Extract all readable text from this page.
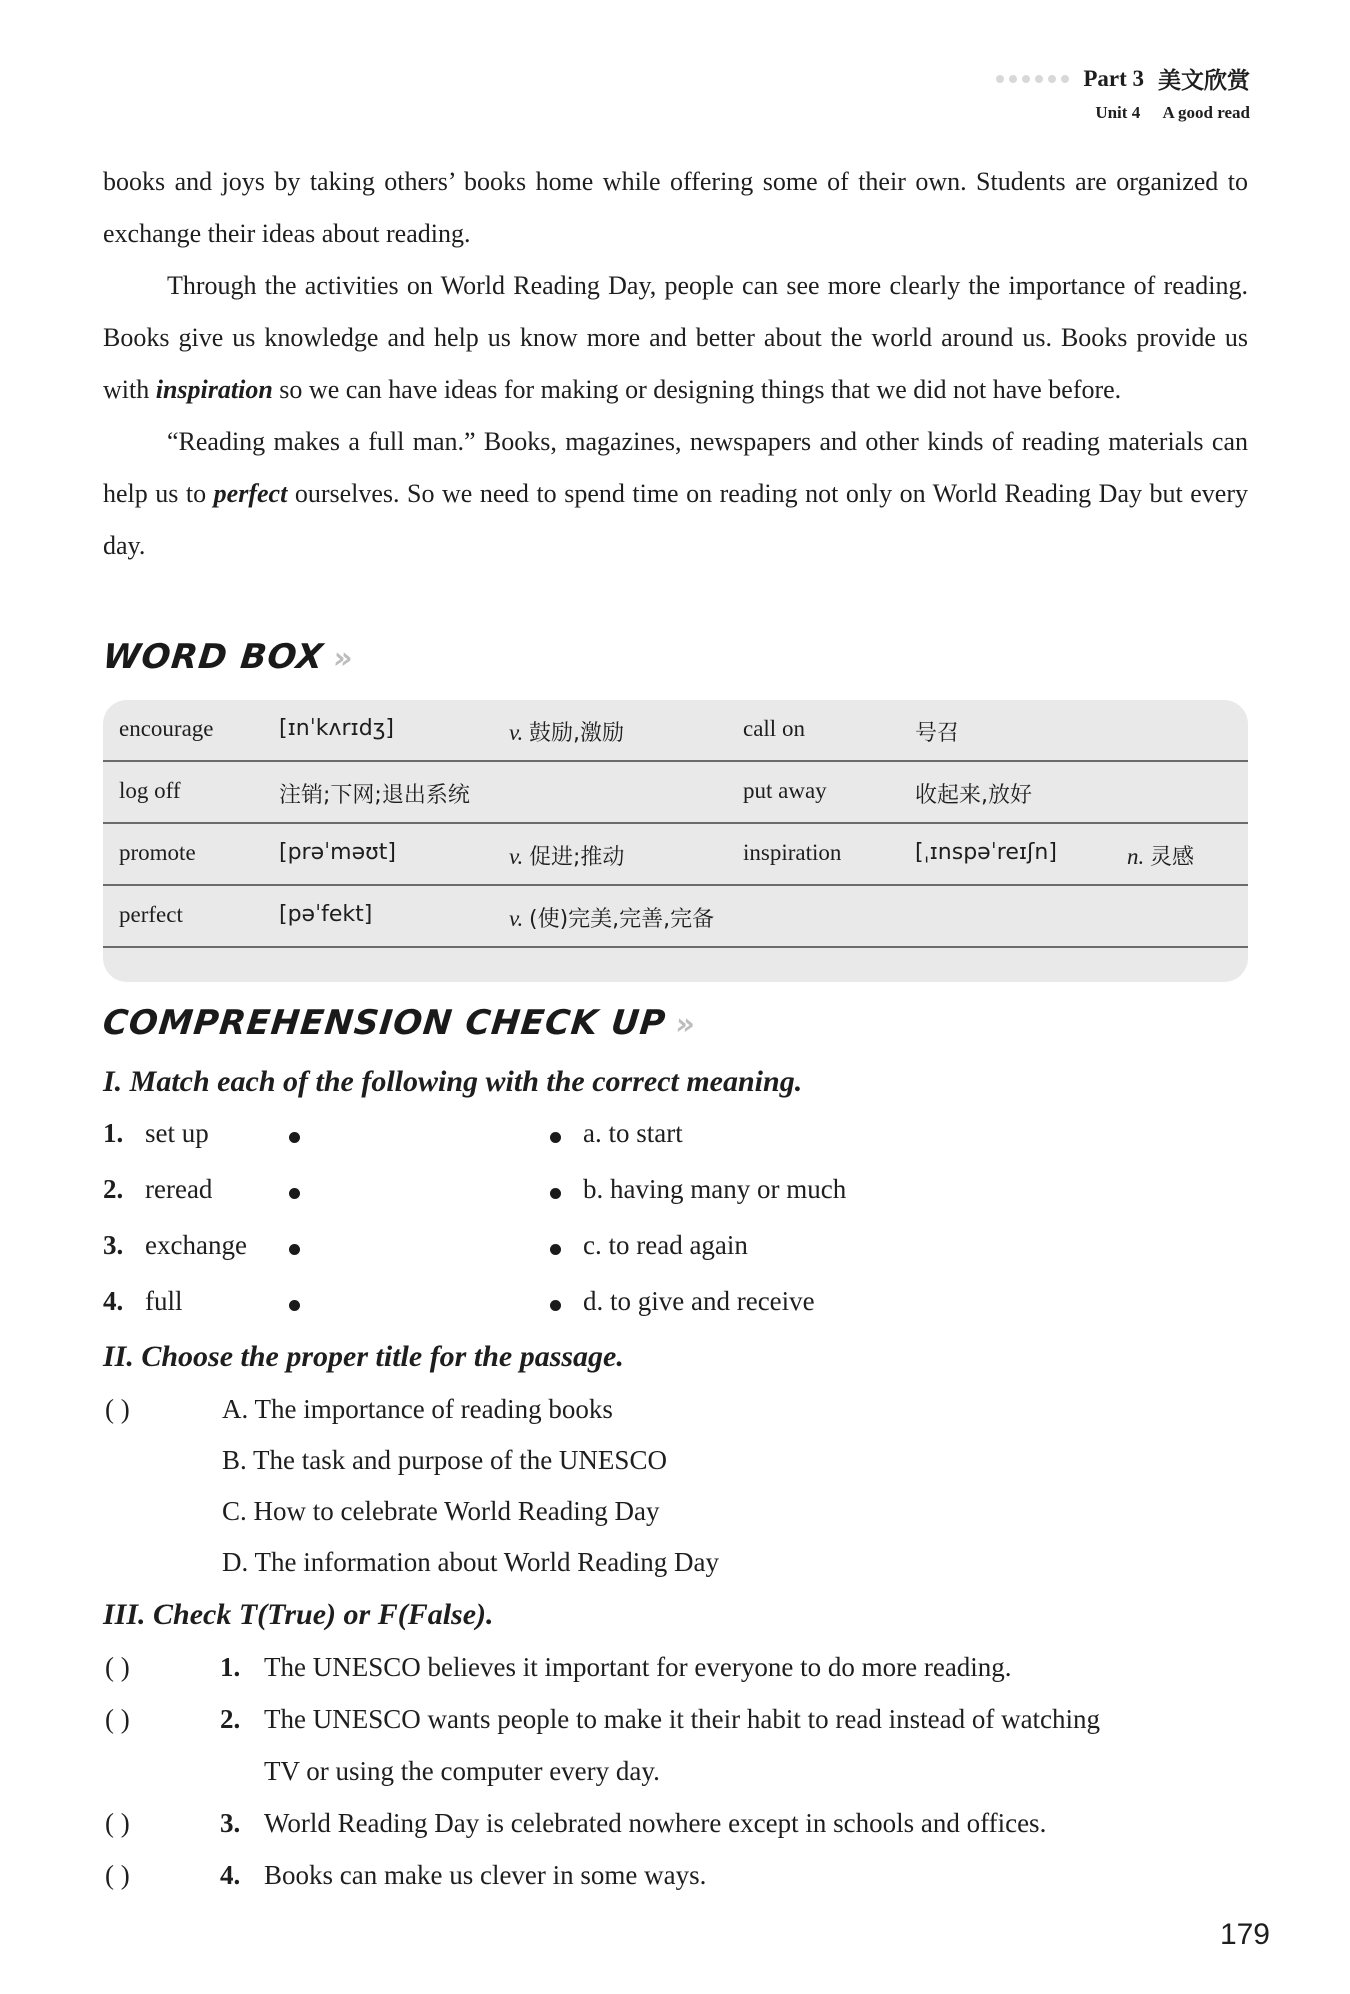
Part 3 美文欣赏
Unit 4 A good read

books and joys by taking others’ books home while offering some of their own. Students are organized to exchange their ideas about reading.

Through the activities on World Reading Day, people can see more clearly the importance of reading. Books give us knowledge and help us know more and better about the world around us. Books provide us with inspiration so we can have ideas for making or designing things that we did not have before.

“Reading makes a full man.” Books, magazines, newspapers and other kinds of reading materials can help us to perfect ourselves. So we need to spend time on reading not only on World Reading Day but every day.

WORD BOX »
encourage	[ɪnˈkʌrɪdʒ]	v. 鼓励,激励	call on	号召
log off	注销;下网;退出系统	put away	收起来,放好
promote	[prəˈməʊt]	v. 促进;推动	inspiration	[ˌɪnspəˈreɪʃn]	n. 灵感
perfect	[pəˈfekt]	v. (使)完美,完善,完备
COMPREHENSION CHECK UP »
I. Match each of the following with the correct meaning.
1. set up	a. to start
2. reread	b. having many or much
3. exchange	c. to read again
4. full	d. to give and receive
II. Choose the proper title for the passage.
( )	A. The importance of reading books
B. The task and purpose of the UNESCO
C. How to celebrate World Reading Day
D. The information about World Reading Day
III. Check T(True) or F(False).
( )	1. The UNESCO believes it important for everyone to do more reading.
( )	2. The UNESCO wants people to make it their habit to read instead of watching
TV or using the computer every day.
( )	3. World Reading Day is celebrated nowhere except in schools and offices.
( )	4. Books can make us clever in some ways.
179
